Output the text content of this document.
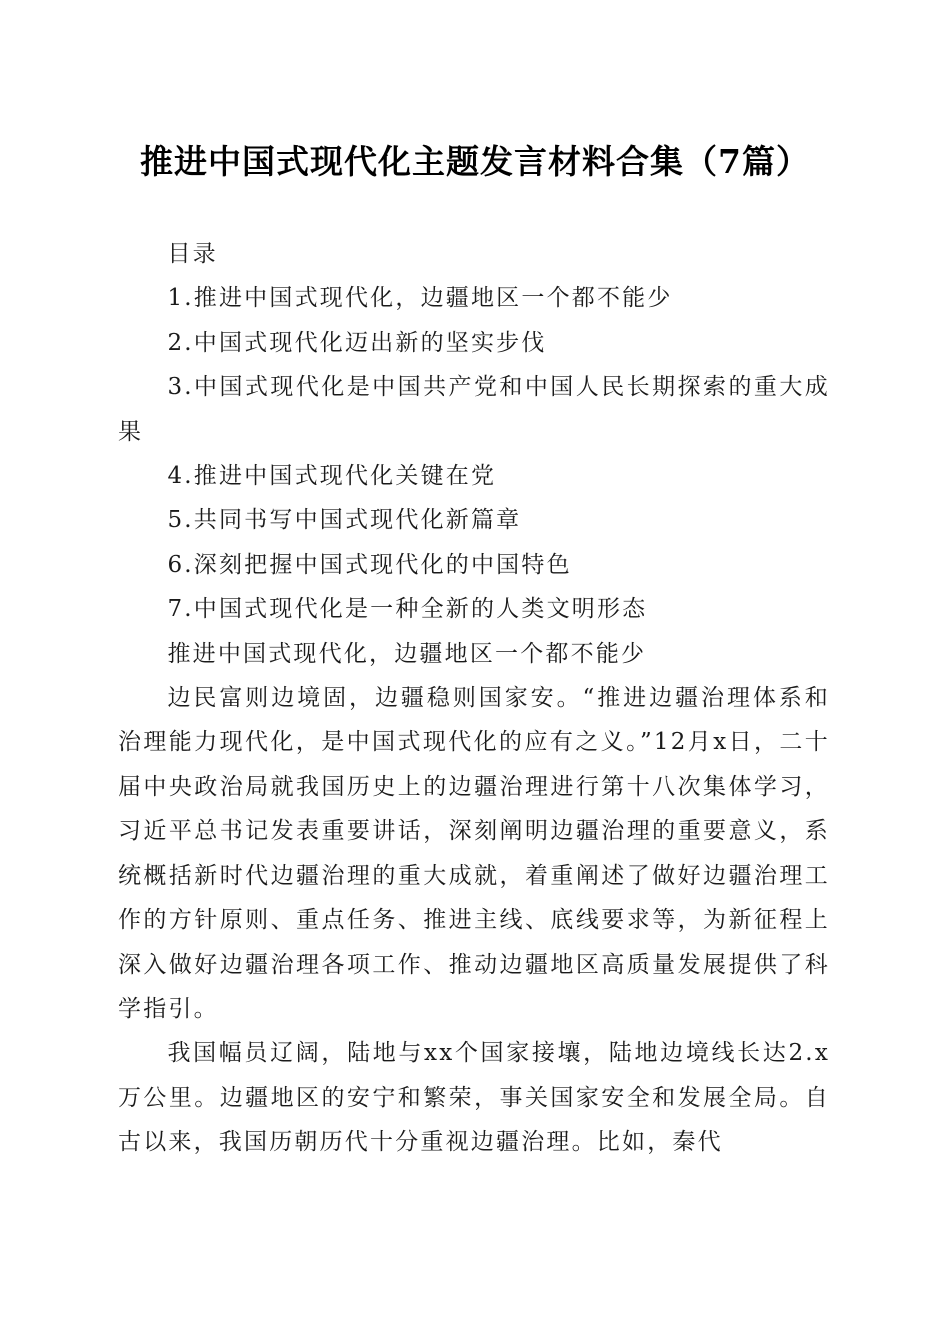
推进中国式现代化主题发言材料合集（7篇）

目录

1.推进中国式现代化，边疆地区一个都不能少

2.中国式现代化迈出新的坚实步伐

3.中国式现代化是中国共产党和中国人民长期探索的重大成果

4.推进中国式现代化关键在党

5.共同书写中国式现代化新篇章

6.深刻把握中国式现代化的中国特色

7.中国式现代化是一种全新的人类文明形态

推进中国式现代化，边疆地区一个都不能少

边民富则边境固，边疆稳则国家安。“推进边疆治理体系和治理能力现代化，是中国式现代化的应有之义。”12月x日，二十届中央政治局就我国历史上的边疆治理进行第十八次集体学习，习近平总书记发表重要讲话，深刻阐明边疆治理的重要意义，系统概括新时代边疆治理的重大成就，着重阐述了做好边疆治理工作的方针原则、重点任务、推进主线、底线要求等，为新征程上深入做好边疆治理各项工作、推动边疆地区高质量发展提供了科学指引。

我国幅员辽阔，陆地与xx个国家接壤，陆地边境线长达2.x万公里。边疆地区的安宁和繁荣，事关国家安全和发展全局。自古以来，我国历朝历代十分重视边疆治理。比如，秦代
